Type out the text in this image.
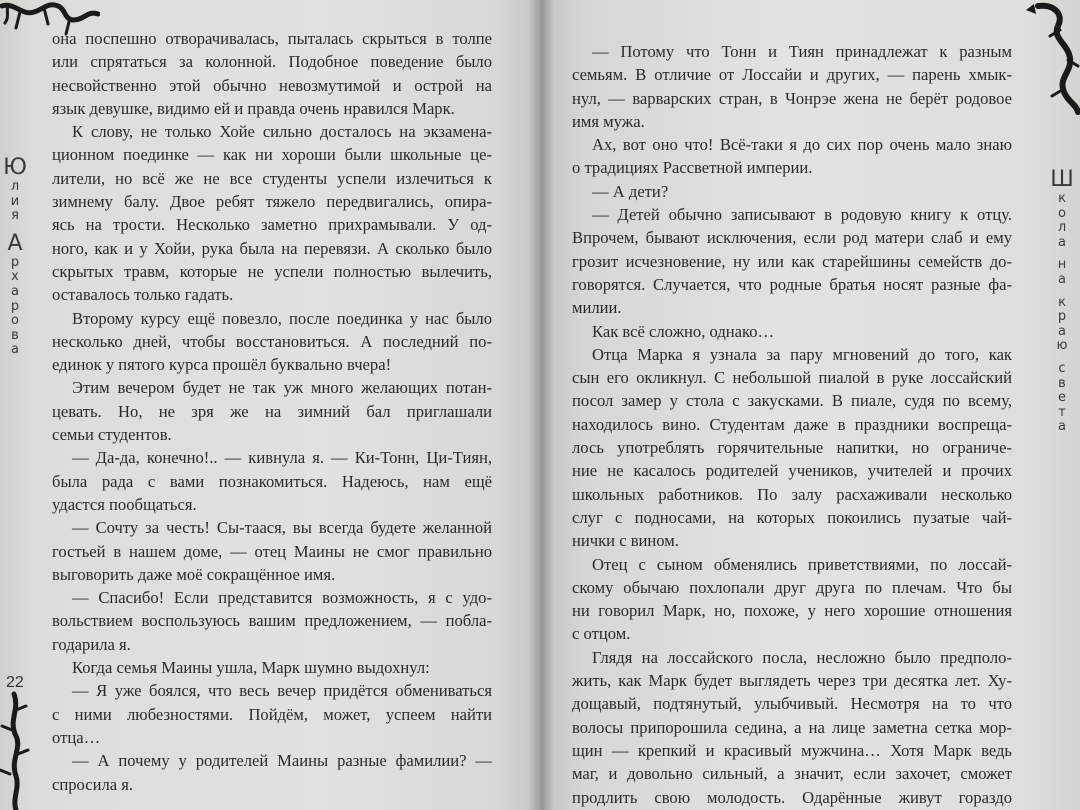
Ю
л
и
я
А
р
х
а
р
о
в
а
Ш
к
о
л
а
н
а
к
р
а
ю
с
в
е
т
а
22
она поспешно отворачивалась, пыталась скрыться в толпе
или спрятаться за колонной. Подобное поведение было
несвойственно этой обычно невозмутимой и острой на
язык девушке, видимо ей и правда очень нравился Марк.
К слову, не только Хойе сильно досталось на экзамена-
ционном поединке — как ни хороши были школьные це-
лители, но всё же не все студенты успели излечиться к
зимнему балу. Двое ребят тяжело передвигались, опира-
ясь на трости. Несколько заметно прихрамывали. У од-
ного, как и у Хойи, рука была на перевязи. А сколько было
скрытых травм, которые не успели полностью вылечить,
оставалось только гадать.
Второму курсу ещё повезло, после поединка у нас было
несколько дней, чтобы восстановиться. А последний по-
единок у пятого курса прошёл буквально вчера!
Этим вечером будет не так уж много желающих потан-
цевать. Но, не зря же на зимний бал приглашали
семьи студентов.
— Да-да, конечно!.. — кивнула я. — Ки-Тонн, Ци-Тиян,
была рада с вами познакомиться. Надеюсь, нам ещё
удастся пообщаться.
— Сочту за честь! Сы-таася, вы всегда будете желанной
гостьей в нашем доме, — отец Маины не смог правильно
выговорить даже моё сокращённое имя.
— Спасибо! Если представится возможность, я с удо-
вольствием воспользуюсь вашим предложением, — побла-
годарила я.
Когда семья Маины ушла, Марк шумно выдохнул:
— Я уже боялся, что весь вечер придётся обмениваться
с ними любезностями. Пойдём, может, успеем найти
отца…
— А почему у родителей Маины разные фамилии? —
спросила я.
— Потому что Тонн и Тиян принадлежат к разным
семьям. В отличие от Лоссайи и других, — парень хмык-
нул, — варварских стран, в Чонрэе жена не берёт родовое
имя мужа.
Ах, вот оно что! Всё-таки я до сих пор очень мало знаю
о традициях Рассветной империи.
— А дети?
— Детей обычно записывают в родовую книгу к отцу.
Впрочем, бывают исключения, если род матери слаб и ему
грозит исчезновение, ну или как старейшины семейств до-
говорятся. Случается, что родные братья носят разные фа-
милии.
Как всё сложно, однако…
Отца Марка я узнала за пару мгновений до того, как
сын его окликнул. С небольшой пиалой в руке лоссайский
посол замер у стола с закусками. В пиале, судя по всему,
находилось вино. Студентам даже в праздники воспреща-
лось употреблять горячительные напитки, но ограниче-
ние не касалось родителей учеников, учителей и прочих
школьных работников. По залу расхаживали несколько
слуг с подносами, на которых покоились пузатые чай-
нички с вином.
Отец с сыном обменялись приветствиями, по лоссай-
скому обычаю похлопали друг друга по плечам. Что бы
ни говорил Марк, но, похоже, у него хорошие отношения
с отцом.
Глядя на лоссайского посла, несложно было предполо-
жить, как Марк будет выглядеть через три десятка лет. Ху-
дощавый, подтянутый, улыбчивый. Несмотря на то что
волосы припорошила седина, а на лице заметна сетка мор-
щин — крепкий и красивый мужчина… Хотя Марк ведь
маг, и довольно сильный, а значит, если захочет, сможет
продлить свою молодость. Одарённые живут гораздо
